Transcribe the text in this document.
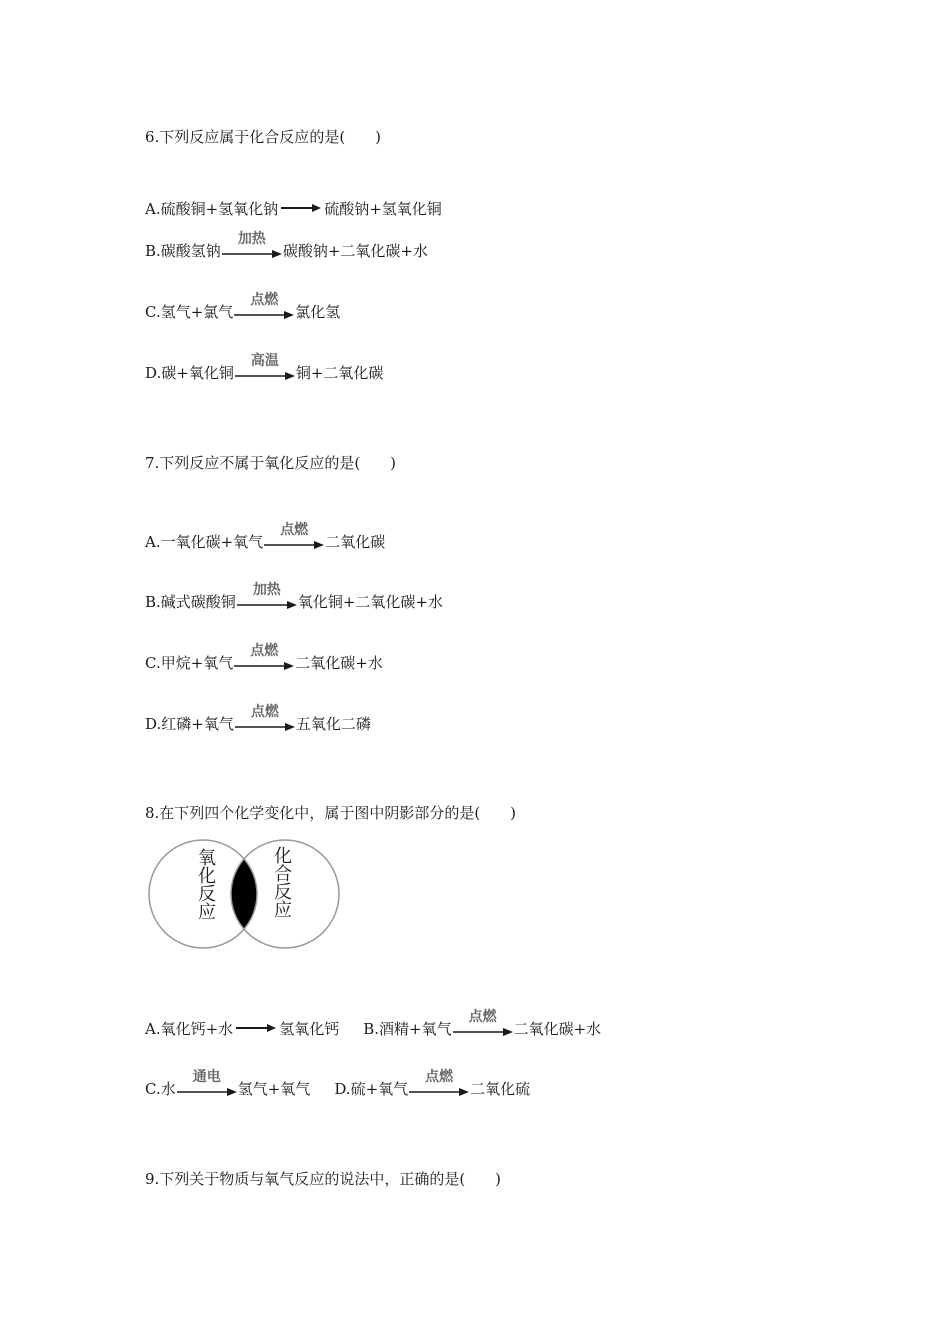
6.下列反应属于化合反应的是(　　)
A. 硫酸铜+氢氧化钠 → 硫酸钠+氢氧化铜
B. 碳酸氢钠
加热
碳酸钠+二氧化碳+水
C. 氢气+氯气
点燃
氯化氢
D. 碳+氧化铜
高温
铜+二氧化碳
7.下列反应不属于氧化反应的是(　　)
A. 一氧化碳+氧气
点燃
二氧化碳
B. 碱式碳酸铜
加热
氧化铜+二氧化碳+水
C. 甲烷+氧气
点燃
二氧化碳+水
D. 红磷+氧气
点燃
五氧化二磷
8.在下列四个化学变化中，属于图中阴影部分的是(　　)
氧化反应	化合反应
A. 氧化钙+水 → 氢氧化钙 B. 酒精+氧气
点燃
二氧化碳+水
C. 水
通电
氢气+氧气 D. 硫+氧气
点燃
二氧化硫
9.下列关于物质与氧气反应的说法中，正确的是(　　)
